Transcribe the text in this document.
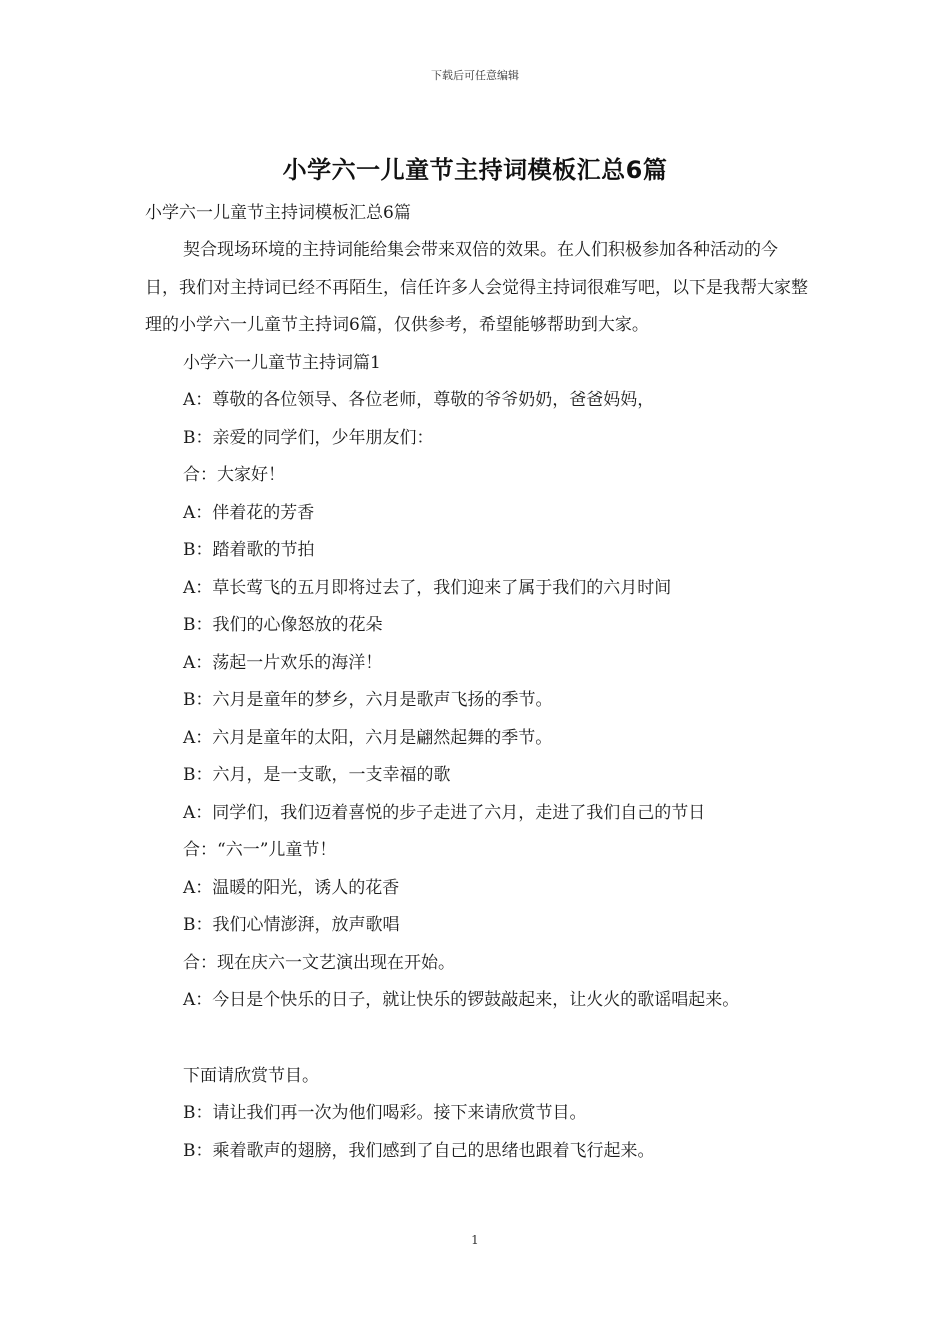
下载后可任意编辑
小学六一儿童节主持词模板汇总6篇

小学六一儿童节主持词模板汇总6篇

契合现场环境的主持词能给集会带来双倍的效果。在人们积极参加各种活动的今日，我们对主持词已经不再陌生，信任许多人会觉得主持词很难写吧，以下是我帮大家整理的小学六一儿童节主持词6篇，仅供参考，希望能够帮助到大家。

小学六一儿童节主持词篇1
A：尊敬的各位领导、各位老师，尊敬的爷爷奶奶，爸爸妈妈，
B：亲爱的同学们，少年朋友们：
合：大家好！
A：伴着花的芳香
B：踏着歌的节拍
A：草长莺飞的五月即将过去了，我们迎来了属于我们的六月时间
B：我们的心像怒放的花朵
A：荡起一片欢乐的海洋！
B：六月是童年的梦乡，六月是歌声飞扬的季节。
A：六月是童年的太阳，六月是翩然起舞的季节。
B：六月，是一支歌，一支幸福的歌
A：同学们，我们迈着喜悦的步子走进了六月，走进了我们自己的节日
合：“六一”儿童节！
A：温暖的阳光，诱人的花香
B：我们心情澎湃，放声歌唱
合：现在庆六一文艺演出现在开始。
A：今日是个快乐的日子，就让快乐的锣鼓敲起来，让火火的歌谣唱起来。
下面请欣赏节目。
B：请让我们再一次为他们喝彩。接下来请欣赏节目。
B：乘着歌声的翅膀，我们感到了自己的思绪也跟着飞行起来。
1
